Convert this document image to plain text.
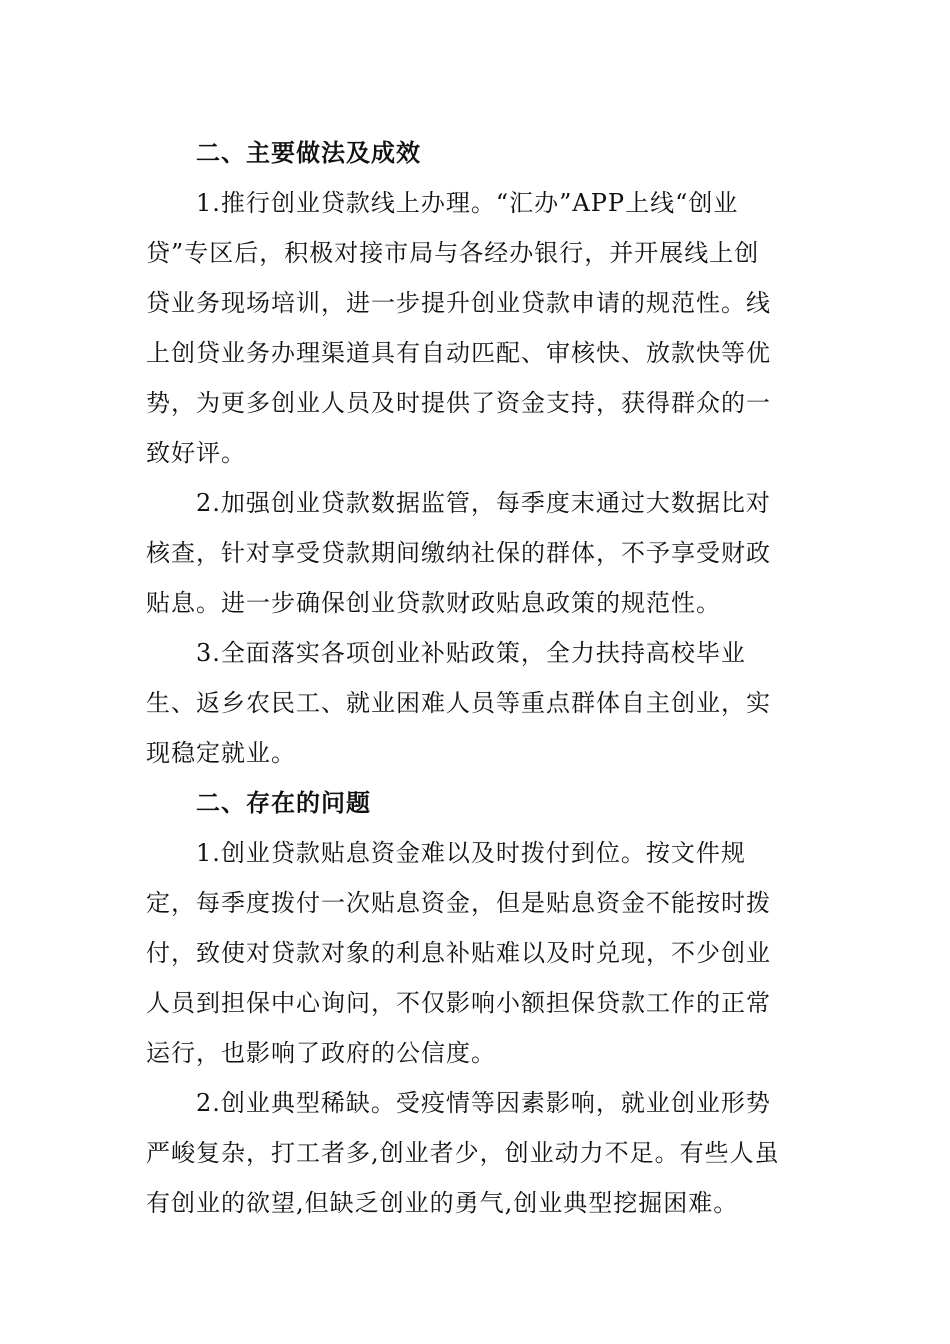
二、主要做法及成效

1.推行创业贷款线上办理。“汇办”APP上线“创业
贷”专区后，积极对接市局与各经办银行，并开展线上创
贷业务现场培训，进一步提升创业贷款申请的规范性。线
上创贷业务办理渠道具有自动匹配、审核快、放款快等优
势，为更多创业人员及时提供了资金支持，获得群众的一
致好评。

2.加强创业贷款数据监管，每季度末通过大数据比对
核查，针对享受贷款期间缴纳社保的群体，不予享受财政
贴息。进一步确保创业贷款财政贴息政策的规范性。

3.全面落实各项创业补贴政策，全力扶持高校毕业
生、返乡农民工、就业困难人员等重点群体自主创业，实
现稳定就业。

二、存在的问题

1.创业贷款贴息资金难以及时拨付到位。按文件规
定，每季度拨付一次贴息资金，但是贴息资金不能按时拨
付，致使对贷款对象的利息补贴难以及时兑现，不少创业
人员到担保中心询问，不仅影响小额担保贷款工作的正常
运行，也影响了政府的公信度。

2.创业典型稀缺。受疫情等因素影响，就业创业形势
严峻复杂，打工者多,创业者少，创业动力不足。有些人虽
有创业的欲望,但缺乏创业的勇气,创业典型挖掘困难。
